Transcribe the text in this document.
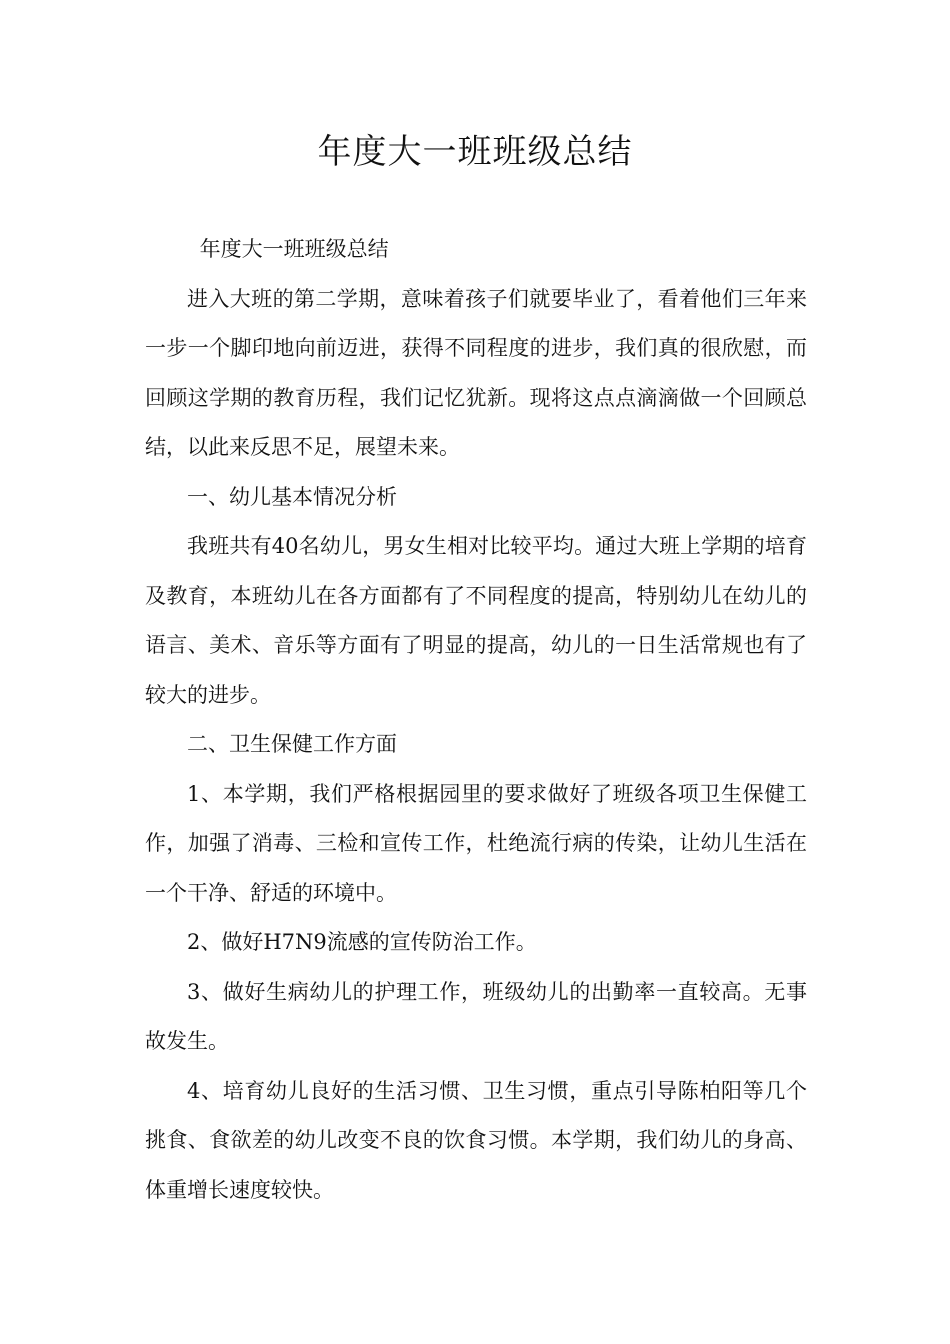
年度大一班班级总结

年度大一班班级总结

进入大班的第二学期，意味着孩子们就要毕业了，看着他们三年来一步一个脚印地向前迈进，获得不同程度的进步，我们真的很欣慰，而回顾这学期的教育历程，我们记忆犹新。现将这点点滴滴做一个回顾总结，以此来反思不足，展望未来。

一、幼儿基本情况分析

我班共有40名幼儿，男女生相对比较平均。通过大班上学期的培育及教育，本班幼儿在各方面都有了不同程度的提高，特别幼儿在幼儿的语言、美术、音乐等方面有了明显的提高，幼儿的一日生活常规也有了较大的进步。

二、卫生保健工作方面

1、本学期，我们严格根据园里的要求做好了班级各项卫生保健工作，加强了消毒、三检和宣传工作，杜绝流行病的传染，让幼儿生活在一个干净、舒适的环境中。

2、做好H7N9流感的宣传防治工作。

3、做好生病幼儿的护理工作，班级幼儿的出勤率一直较高。无事故发生。

4、培育幼儿良好的生活习惯、卫生习惯，重点引导陈柏阳等几个挑食、食欲差的幼儿改变不良的饮食习惯。本学期，我们幼儿的身高、体重增长速度较快。
